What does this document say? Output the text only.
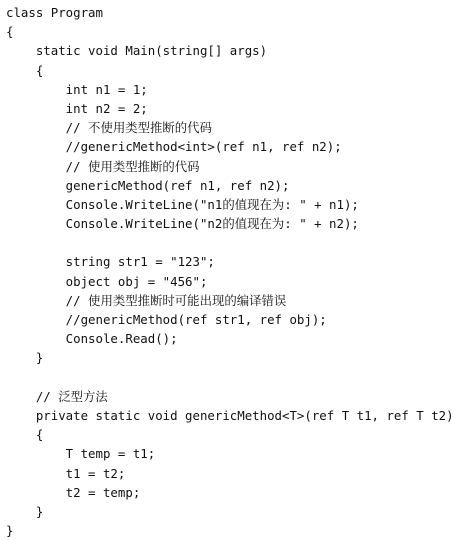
class Program
{
static void Main(string[] args)
{
int n1 = 1;
int n2 = 2;
// 不使用类型推断的代码
//genericMethod<int>(ref n1, ref n2);
// 使用类型推断的代码
genericMethod(ref n1, ref n2);
Console.WriteLine("n1的值现在为: " + n1);
Console.WriteLine("n2的值现在为: " + n2);
string str1 = "123";
object obj = "456";
// 使用类型推断时可能出现的编译错误
//genericMethod(ref str1, ref obj);
Console.Read();
}
// 泛型方法
private static void genericMethod<T>(ref T t1, ref T t2)
{
T temp = t1;
t1 = t2;
t2 = temp;
}
}
